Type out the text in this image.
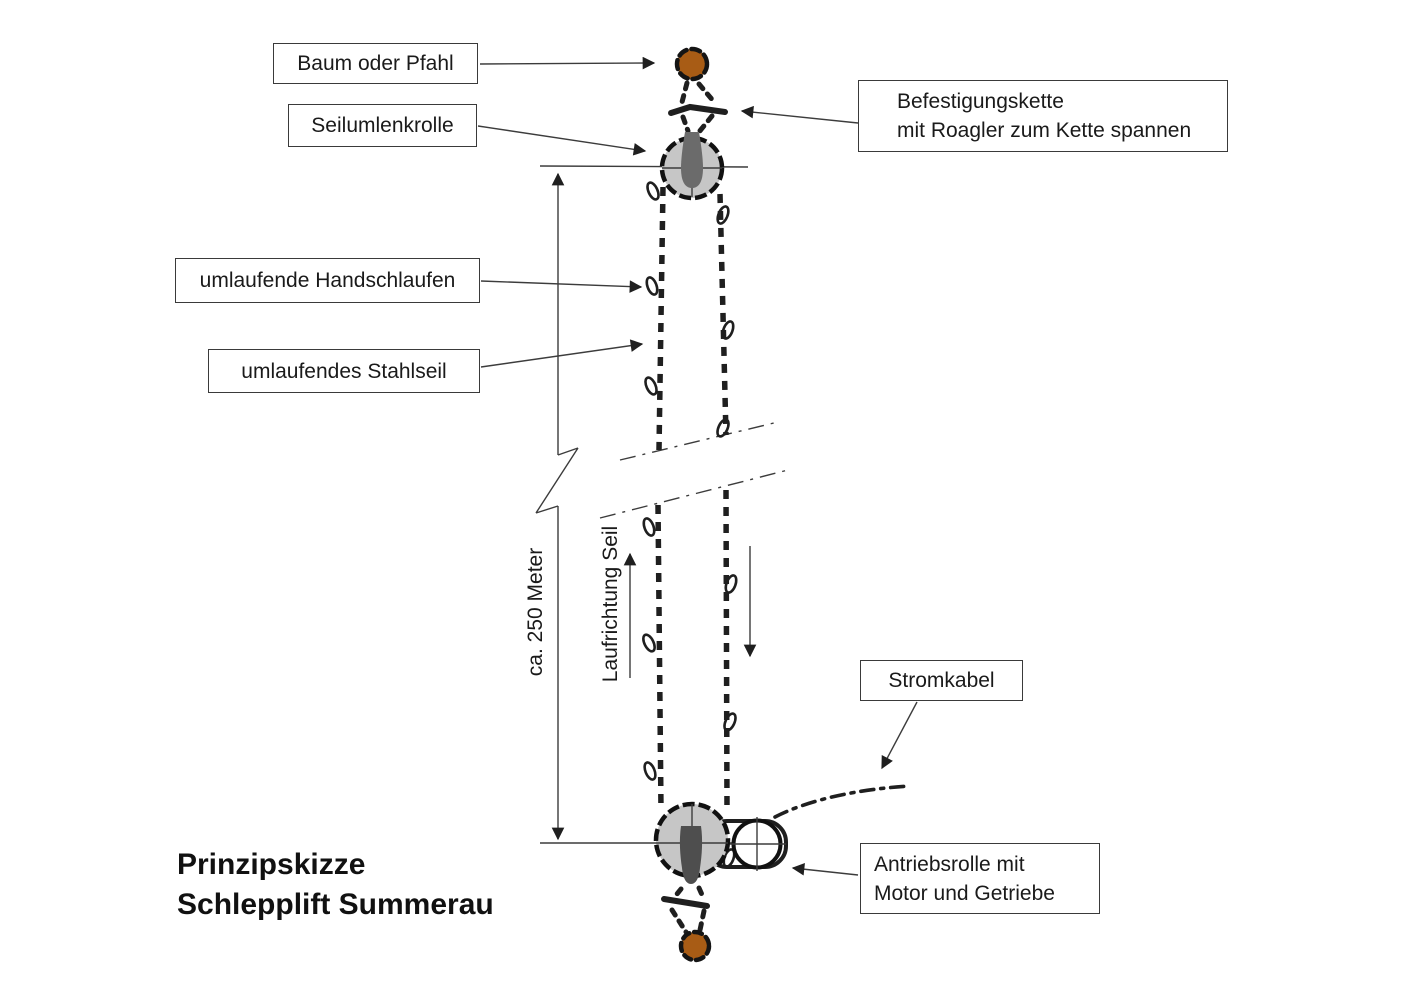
Baum oder Pfahl
Seilumlenkrolle
Befestigungskette
mit Roagler zum Kette spannen
umlaufende Handschlaufen
umlaufendes Stahlseil
Stromkabel
Antriebsrolle mit
Motor und Getriebe
ca. 250 Meter Laufrichtung Seil
Prinzipskizze
Schlepplift Summerau
